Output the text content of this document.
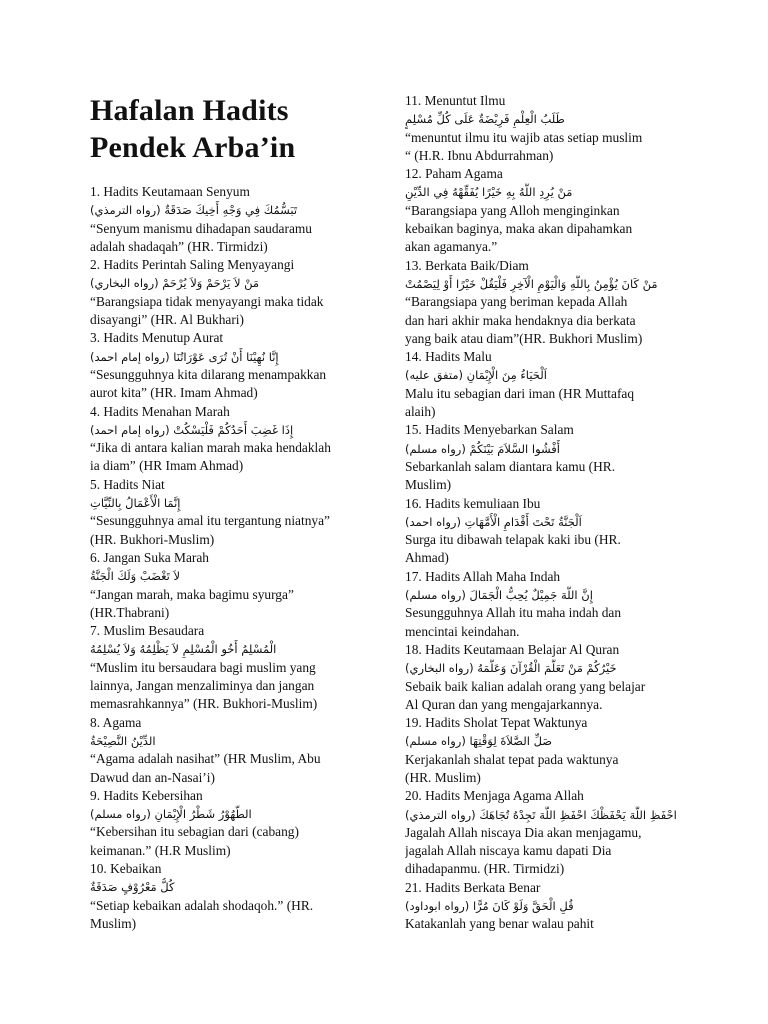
Hafalan Hadits
Pendek Arba’in
1. Hadits Keutamaan Senyum
تَبَسُّمُكَ فِي وَجْهِ أَخِيكَ صَدَقَةٌ (رواه الترمذي)
“Senyum manismu dihadapan saudaramu
adalah shadaqah” (HR. Tirmidzi)
2. Hadits Perintah Saling Menyayangi
مَنْ لاَ يَرْحَمْ وَلاَ يُرْحَمْ (رواه البخاري)
“Barangsiapa tidak menyayangi maka tidak
disayangi” (HR. Al Bukhari)
3. Hadits Menutup Aurat
إِنَّا نُهِيْنَا أَنْ تُرَى عَوْرَاتُنَا (رواه إمام احمد)
“Sesungguhnya kita dilarang menampakkan
aurot kita” (HR. Imam Ahmad)
4. Hadits Menahan Marah
إِذَا غَضِبَ أَحَدُكُمْ فَلْيَسْكُتْ (رواه إمام احمد)
“Jika di antara kalian marah maka hendaklah
ia diam” (HR Imam Ahmad)
5. Hadits Niat
إِنَّمَا الْأَعْمَالُ بِالنِّيَّاتِ
“Sesungguhnya amal itu tergantung niatnya”
(HR. Bukhori-Muslim)
6. Jangan Suka Marah
لاَ تَغْضَبْ وَلَكَ الْجَنَّةُ
“Jangan marah, maka bagimu syurga”
(HR.Thabrani)
7. Muslim Besaudara
الْمُسْلِمُ أَخُو الْمُسْلِمِ لاَ يَظْلِمُهُ وَلاَ يُسْلِمُهُ
“Muslim itu bersaudara bagi muslim yang
lainnya, Jangan menzaliminya dan jangan
memasrahkannya” (HR. Bukhori-Muslim)
8. Agama
الدِّيْنُ النَّصِيْحَةُ
“Agama adalah nasihat” (HR Muslim, Abu
Dawud dan an-Nasai’i)
9. Hadits Kebersihan
الطُّهُوْرُ شَطْرُ الْإِيْمَانِ (رواه مسلم)
“Kebersihan itu sebagian dari (cabang)
keimanan.” (H.R Muslim)
10. Kebaikan
كُلُّ مَعْرُوْفٍ صَدَقَةٌ
“Setiap kebaikan adalah shodaqoh.” (HR.
Muslim)
11. Menuntut Ilmu
طَلَبُ الْعِلْمِ فَرِيْضَةٌ عَلَى كُلِّ مُسْلِمٍ
“menuntut ilmu itu wajib atas setiap muslim
“ (H.R. Ibnu Abdurrahman)
12. Paham Agama
مَنْ يُرِدِ اللَّهُ بِهِ خَيْرًا يُفَقِّهْهُ فِي الدِّيْنِ
“Barangsiapa yang Alloh menginginkan
kebaikan baginya, maka akan dipahamkan
akan agamanya.”
13. Berkata Baik/Diam
مَنْ كَانَ يُؤْمِنُ بِاللَّهِ وَالْيَوْمِ الْآخِرِ فَلْيَقُلْ خَيْرًا أَوْ لِيَصْمُتْ
“Barangsiapa yang beriman kepada Allah
dan hari akhir maka hendaknya dia berkata
yang baik atau diam”(HR. Bukhori Muslim)
14. Hadits Malu
اَلْحَيَاءُ مِنَ الْإِيْمَانِ (متفق عليه)
Malu itu sebagian dari iman (HR Muttafaq
alaih)
15. Hadits Menyebarkan Salam
أَفْشُوا السَّلاَمَ بَيْنَكُمْ (رواه مسلم)
Sebarkanlah salam diantara kamu (HR.
Muslim)
16. Hadits kemuliaan Ibu
اَلْجَنَّةُ تَحْتَ أَقْدَامِ الْأُمَّهَاتِ (رواه احمد)
Surga itu dibawah telapak kaki ibu (HR.
Ahmad)
17. Hadits Allah Maha Indah
إِنَّ اللَّهَ جَمِيْلٌ يُحِبُّ الْجَمَالَ (رواه مسلم)
Sesungguhnya Allah itu maha indah dan
mencintai keindahan.
18. Hadits Keutamaan Belajar Al Quran
خَيْرُكُمْ مَنْ تَعَلَّمَ الْقُرْآنَ وَعَلَّمَهُ (رواه البخاري)
Sebaik baik kalian adalah orang yang belajar
Al Quran dan yang mengajarkannya.
19. Hadits Sholat Tepat Waktunya
صَلِّ الصَّلاَةَ لِوَقْتِهَا (رواه مسلم)
Kerjakanlah shalat tepat pada waktunya
(HR. Muslim)
20. Hadits Menjaga Agama Allah
احْفَظِ اللَّهَ يَحْفَظْكَ احْفَظِ اللَّهَ تَجِدْهُ تُجَاهَكَ (رواه الترمذي)
Jagalah Allah niscaya Dia akan menjagamu,
jagalah Allah niscaya kamu dapati Dia
dihadapanmu. (HR. Tirmidzi)
21. Hadits Berkata Benar
قُلِ الْحَقَّ وَلَوْ كَانَ مُرًّا (رواه ابوداود)
Katakanlah yang benar walau pahit
